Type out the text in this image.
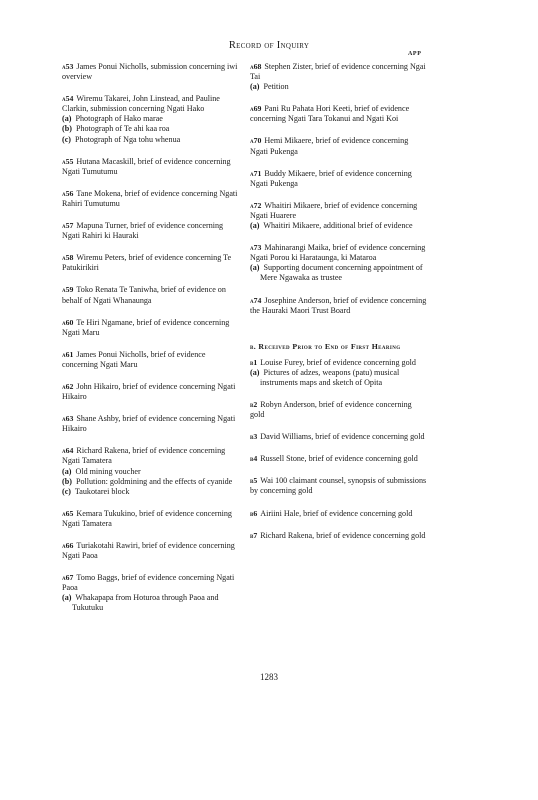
Record of Inquiry
APP
a53 James Ponui Nicholls, submission concerning iwi overview
a54 Wiremu Takarei, John Linstead, and Pauline Clarkin, submission concerning Ngati Hako
(a) Photograph of Hako marae
(b) Photograph of Te ahi kaa roa
(c) Photograph of Nga tohu whenua
a55 Hutana Macaskill, brief of evidence concerning Ngati Tumutumu
a56 Tane Mokena, brief of evidence concerning Ngati Rahiri Tumutumu
a57 Mapuna Turner, brief of evidence concerning Ngati Rahiri ki Hauraki
a58 Wiremu Peters, brief of evidence concerning Te Patukirikiri
a59 Toko Renata Te Taniwha, brief of evidence on behalf of Ngati Whanaunga
a60 Te Hiri Ngamane, brief of evidence concerning Ngati Maru
a61 James Ponui Nicholls, brief of evidence concerning Ngati Maru
a62 John Hikairo, brief of evidence concerning Ngati Hikairo
a63 Shane Ashby, brief of evidence concerning Ngati Hikairo
a64 Richard Rakena, brief of evidence concerning Ngati Tamatera
(a) Old mining voucher
(b) Pollution: goldmining and the effects of cyanide
(c) Taukotarei block
a65 Kemara Tukukino, brief of evidence concerning Ngati Tamatera
a66 Turiakotahi Rawiri, brief of evidence concerning Ngati Paoa
a67 Tomo Baggs, brief of evidence concerning Ngati Paoa
(a) Whakapapa from Hoturoa through Paoa and Tukutuku
a68 Stephen Zister, brief of evidence concerning Ngai Tai
(a) Petition
a69 Pani Ru Pahata Hori Keeti, brief of evidence concerning Ngati Tara Tokanui and Ngati Koi
a70 Hemi Mikaere, brief of evidence concerning Ngati Pukenga
a71 Buddy Mikaere, brief of evidence concerning Ngati Pukenga
a72 Whaitiri Mikaere, brief of evidence concerning Ngati Huarere
(a) Whaitiri Mikaere, additional brief of evidence
a73 Mahinarangi Maika, brief of evidence concerning Ngati Porou ki Harataunga, ki Mataroa
(a) Supporting document concerning appointment of Mere Ngawaka as trustee
a74 Josephine Anderson, brief of evidence concerning the Hauraki Maori Trust Board
b. Received Prior to End of First Hearing
b1 Louise Furey, brief of evidence concerning gold
(a) Pictures of adzes, weapons (patu) musical instruments maps and sketch of Opita
b2 Robyn Anderson, brief of evidence concerning gold
b3 David Williams, brief of evidence concerning gold
b4 Russell Stone, brief of evidence concerning gold
b5 Wai 100 claimant counsel, synopsis of submissions by concerning gold
b6 Airiini Hale, brief of evidence concerning gold
b7 Richard Rakena, brief of evidence concerning gold
1283
